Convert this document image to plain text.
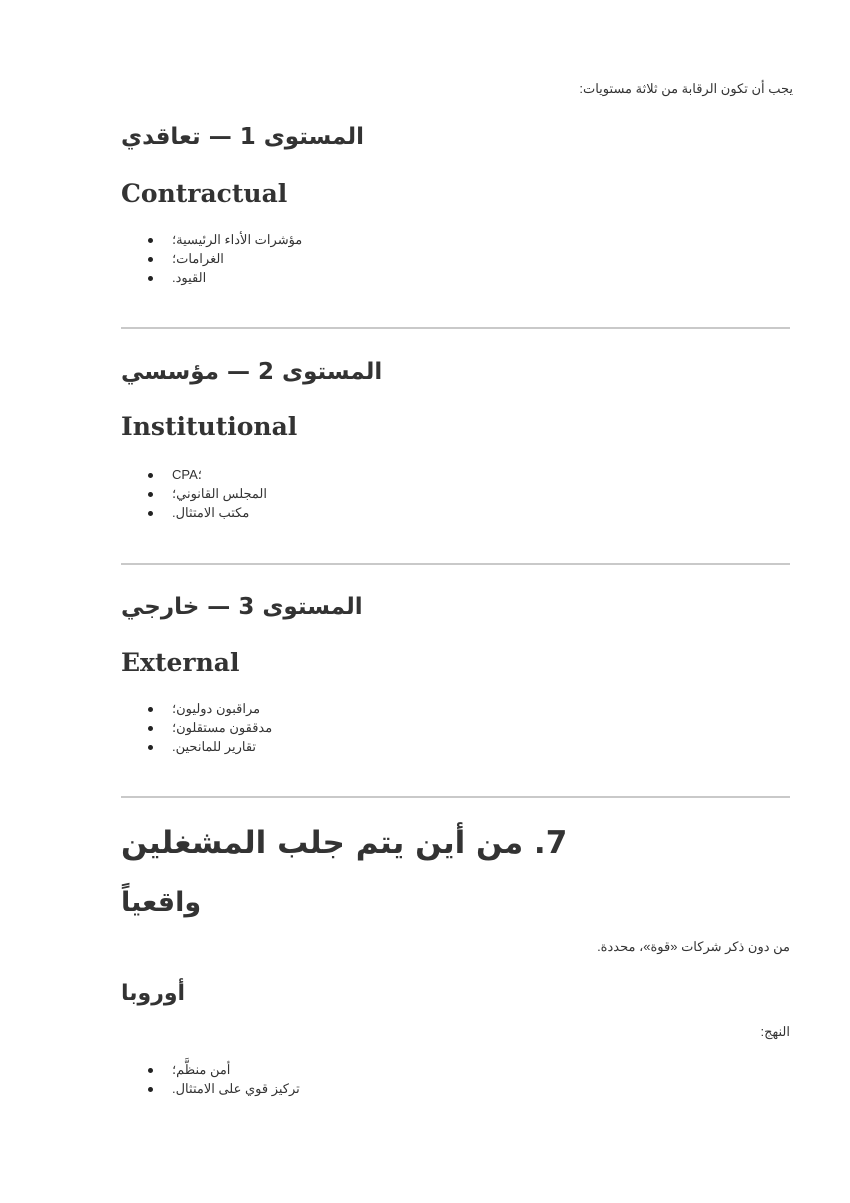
يجب أن تكون الرقابة من ثلاثة مستويات:

المستوى 1 — تعاقدي
Contractual
مؤشرات الأداء الرئيسية؛
الغرامات؛
القيود.
المستوى 2 — مؤسسي
Institutional
CPA؛
المجلس القانوني؛
مكتب الامتثال.
المستوى 3 — خارجي
External
مراقبون دوليون؛
مدققون مستقلون؛
تقارير للمانحين.
7. من أين يتم جلب المشغلين
واقعياً

من دون ذكر شركات «قوة»، محددة.

أوروبا

النهج:

أمن منظَّم؛
تركيز قوي على الامتثال.
